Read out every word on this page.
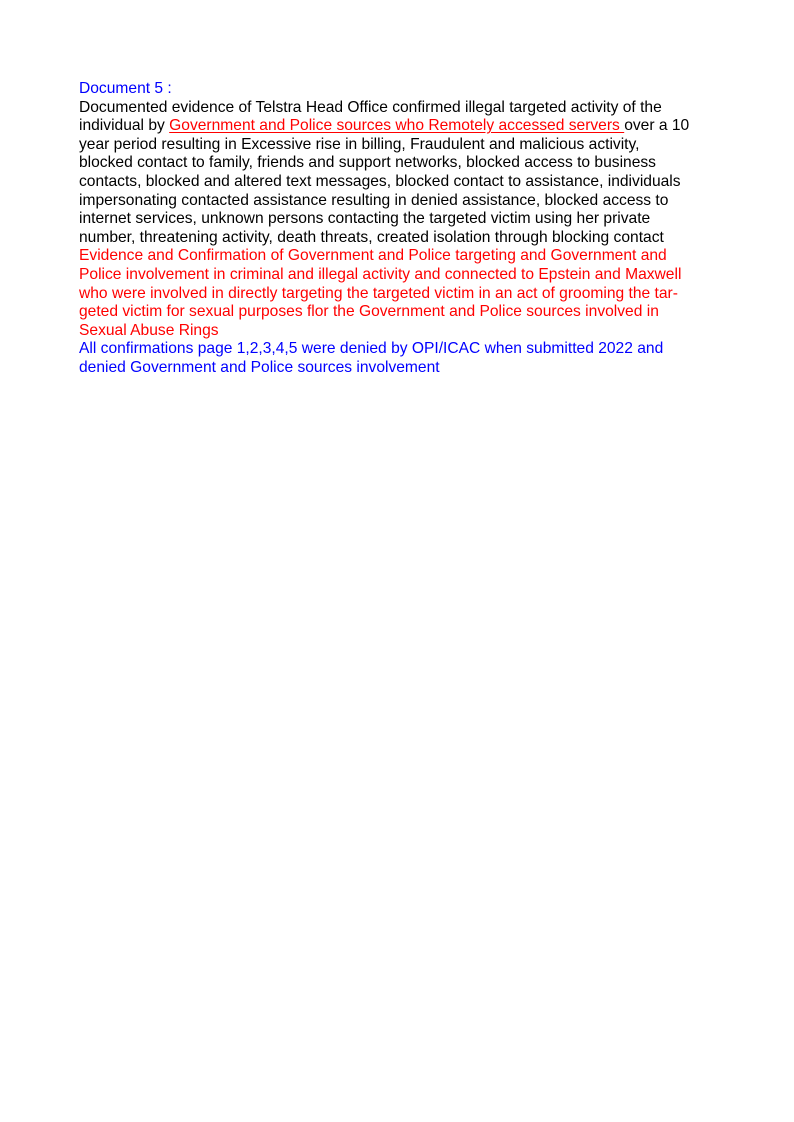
Document 5 :
Documented evidence of Telstra Head Office confirmed illegal targeted activity of the
individual by Government and Police sources who Remotely accessed servers over a 10
year period resulting in Excessive rise in billing, Fraudulent and malicious activity,
blocked contact to family, friends and support networks, blocked access to business
contacts, blocked and altered text messages, blocked contact to assistance, individuals
impersonating contacted assistance resulting in denied assistance, blocked access to
internet services, unknown persons contacting the targeted victim using her private
number, threatening activity, death threats, created isolation through blocking contact
Evidence and Confirmation of Government and Police targeting and Government and
Police involvement in criminal and illegal activity and connected to Epstein and Maxwell
who were involved in directly targeting the targeted victim in an act of grooming the tar-
geted victim for sexual purposes flor the Government and Police sources involved in
Sexual Abuse Rings
All confirmations page 1,2,3,4,5 were denied by OPI/ICAC when submitted 2022 and
denied Government and Police sources involvement
